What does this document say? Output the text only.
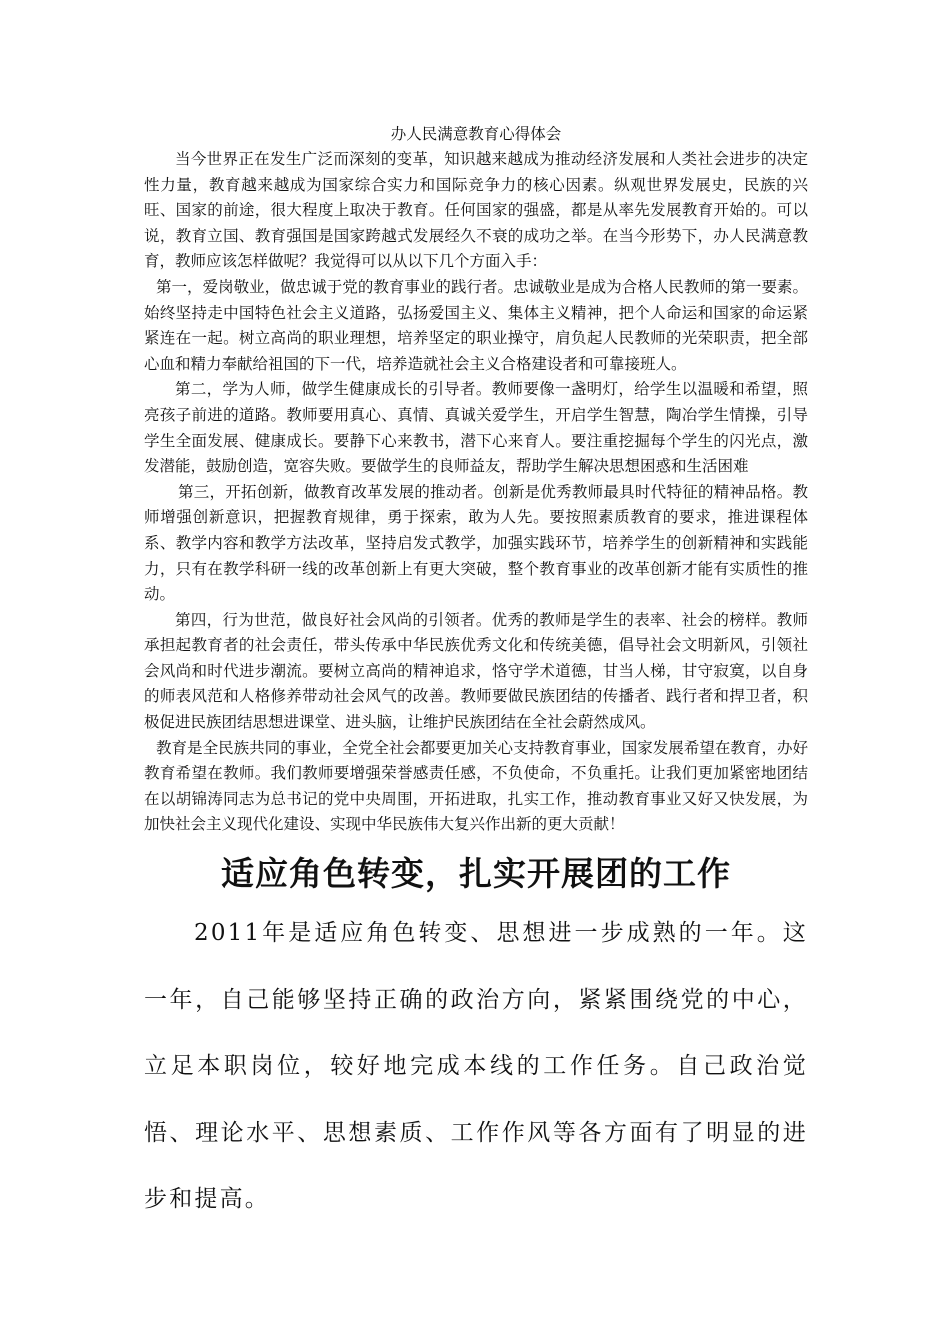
办人民满意教育心得体会

当今世界正在发生广泛而深刻的变革，知识越来越成为推动经济发展和人类社会进步的决定性力量，教育越来越成为国家综合实力和国际竞争力的核心因素。纵观世界发展史，民族的兴旺、国家的前途，很大程度上取决于教育。任何国家的强盛，都是从率先发展教育开始的。可以说，教育立国、教育强国是国家跨越式发展经久不衰的成功之举。在当今形势下，办人民满意教育，教师应该怎样做呢？我觉得可以从以下几个方面入手：

第一，爱岗敬业，做忠诚于党的教育事业的践行者。忠诚敬业是成为合格人民教师的第一要素。始终坚持走中国特色社会主义道路，弘扬爱国主义、集体主义精神，把个人命运和国家的命运紧紧连在一起。树立高尚的职业理想，培养坚定的职业操守，肩负起人民教师的光荣职责，把全部心血和精力奉献给祖国的下一代，培养造就社会主义合格建设者和可靠接班人。

第二，学为人师，做学生健康成长的引导者。教师要像一盏明灯，给学生以温暖和希望，照亮孩子前进的道路。教师要用真心、真情、真诚关爱学生，开启学生智慧，陶冶学生情操，引导学生全面发展、健康成长。要静下心来教书，潜下心来育人。要注重挖掘每个学生的闪光点，激发潜能，鼓励创造，宽容失败。要做学生的良师益友，帮助学生解决思想困惑和生活困难

第三，开拓创新，做教育改革发展的推动者。创新是优秀教师最具时代特征的精神品格。教师增强创新意识，把握教育规律，勇于探索，敢为人先。要按照素质教育的要求，推进课程体系、教学内容和教学方法改革，坚持启发式教学，加强实践环节，培养学生的创新精神和实践能力，只有在教学科研一线的改革创新上有更大突破，整个教育事业的改革创新才能有实质性的推动。

第四，行为世范，做良好社会风尚的引领者。优秀的教师是学生的表率、社会的榜样。教师承担起教育者的社会责任，带头传承中华民族优秀文化和传统美德，倡导社会文明新风，引领社会风尚和时代进步潮流。要树立高尚的精神追求，恪守学术道德，甘当人梯，甘守寂寞，以自身的师表风范和人格修养带动社会风气的改善。教师要做民族团结的传播者、践行者和捍卫者，积极促进民族团结思想进课堂、进头脑，让维护民族团结在全社会蔚然成风。

教育是全民族共同的事业，全党全社会都要更加关心支持教育事业，国家发展希望在教育，办好教育希望在教师。我们教师要增强荣誉感责任感，不负使命，不负重托。让我们更加紧密地团结在以胡锦涛同志为总书记的党中央周围，开拓进取，扎实工作，推动教育事业又好又快发展，为加快社会主义现代化建设、实现中华民族伟大复兴作出新的更大贡献！

适应角色转变，扎实开展团的工作

2011年是适应角色转变、思想进一步成熟的一年。这一年，自己能够坚持正确的政治方向，紧紧围绕党的中心，立足本职岗位，较好地完成本线的工作任务。自己政治觉悟、理论水平、思想素质、工作作风等各方面有了明显的进步和提高。
